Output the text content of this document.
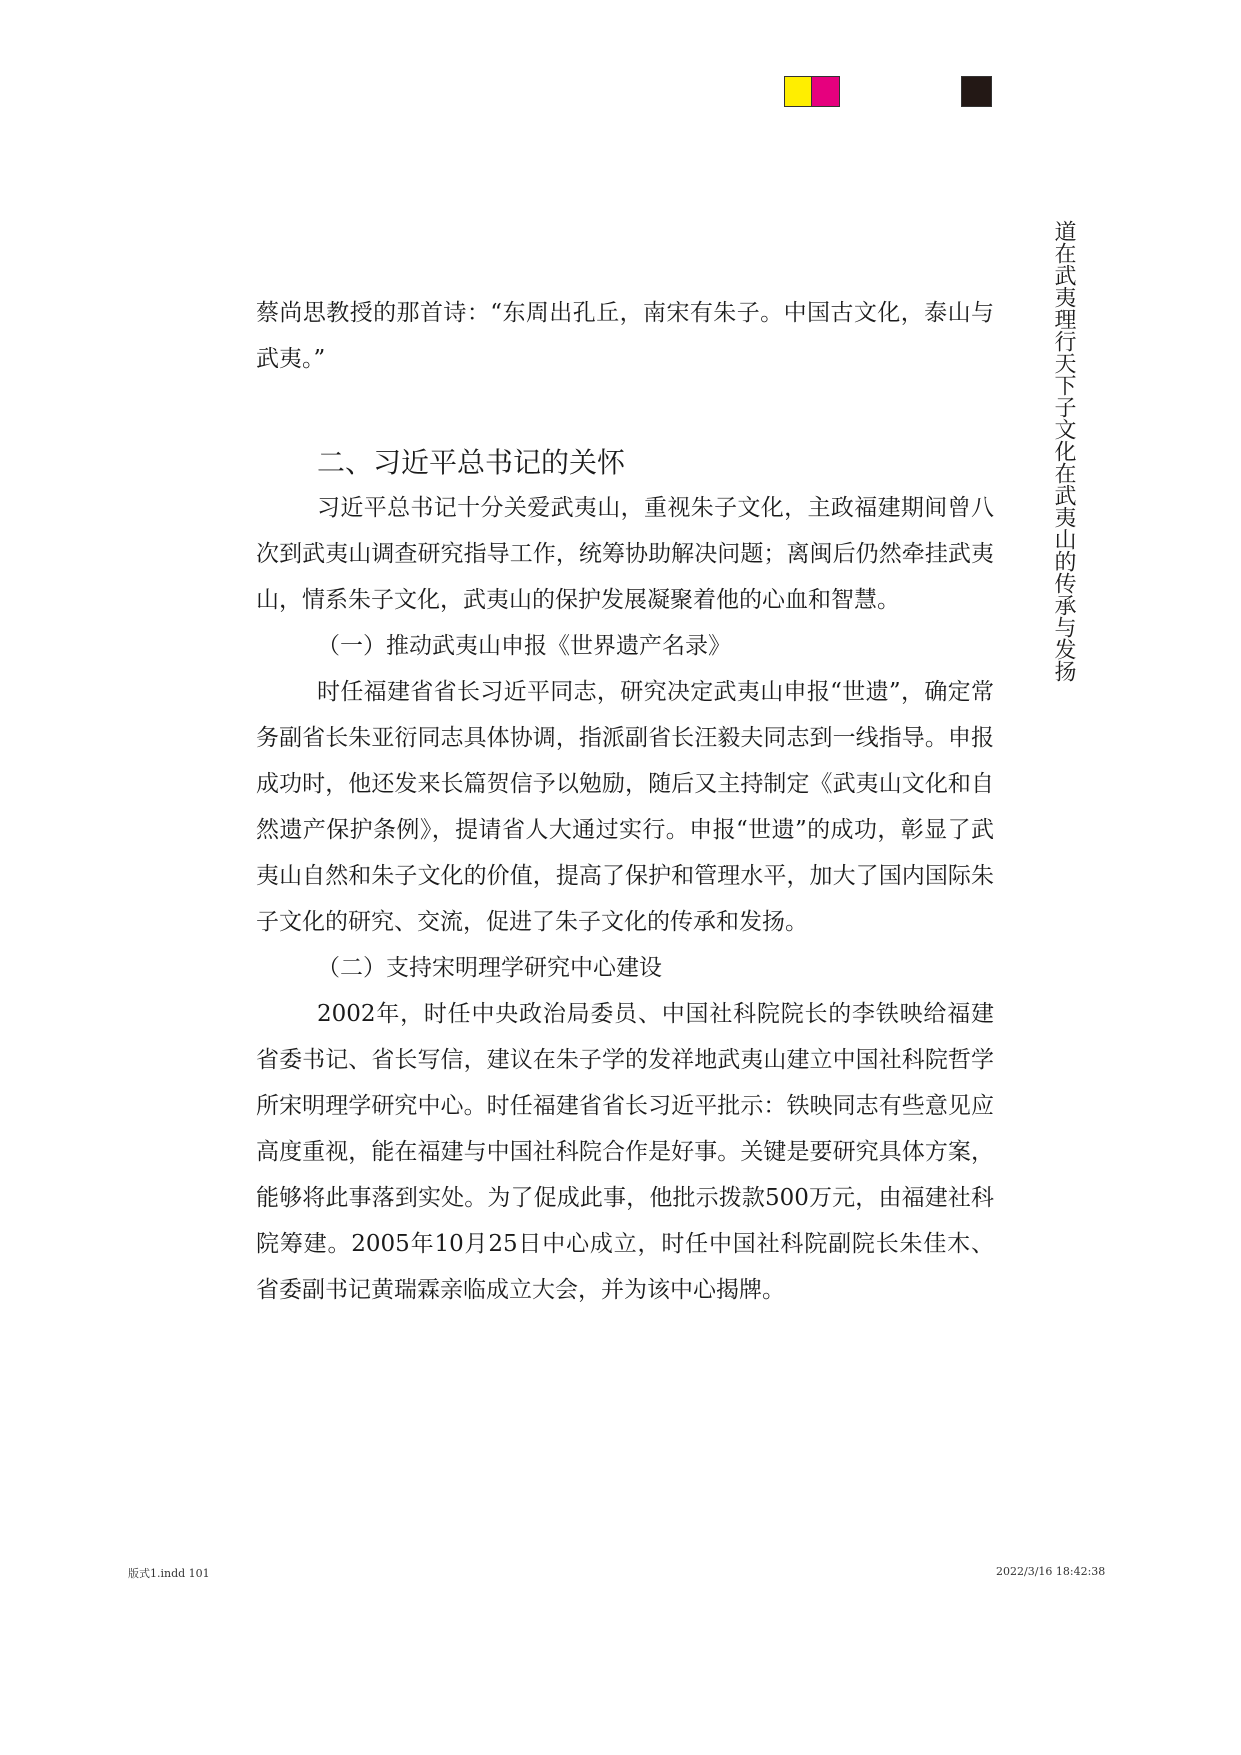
道在武夷理行天下子文化在武夷山的传承与发扬

蔡尚思教授的那首诗：“东周出孔丘，南宋有朱子。中国古文化，泰山与武夷。”

二、习近平总书记的关怀

习近平总书记十分关爱武夷山，重视朱子文化，主政福建期间曾八次到武夷山调查研究指导工作，统筹协助解决问题；离闽后仍然牵挂武夷山，情系朱子文化，武夷山的保护发展凝聚着他的心血和智慧。

（一）推动武夷山申报《世界遗产名录》

时任福建省省长习近平同志，研究决定武夷山申报“世遗”，确定常务副省长朱亚衍同志具体协调，指派副省长汪毅夫同志到一线指导。申报成功时，他还发来长篇贺信予以勉励，随后又主持制定《武夷山文化和自然遗产保护条例》，提请省人大通过实行。申报“世遗”的成功，彰显了武夷山自然和朱子文化的价值，提高了保护和管理水平，加大了国内国际朱子文化的研究、交流，促进了朱子文化的传承和发扬。

（二）支持宋明理学研究中心建设

2002年，时任中央政治局委员、中国社科院院长的李铁映给福建省委书记、省长写信，建议在朱子学的发祥地武夷山建立中国社科院哲学所宋明理学研究中心。时任福建省省长习近平批示：铁映同志有些意见应高度重视，能在福建与中国社科院合作是好事。关键是要研究具体方案，能够将此事落到实处。为了促成此事，他批示拨款500万元，由福建社科院筹建。2005年10月25日中心成立，时任中国社科院副院长朱佳木、省委副书记黄瑞霖亲临成立大会，并为该中心揭牌。

版式1.indd 101	2022/3/16 18:42:38
